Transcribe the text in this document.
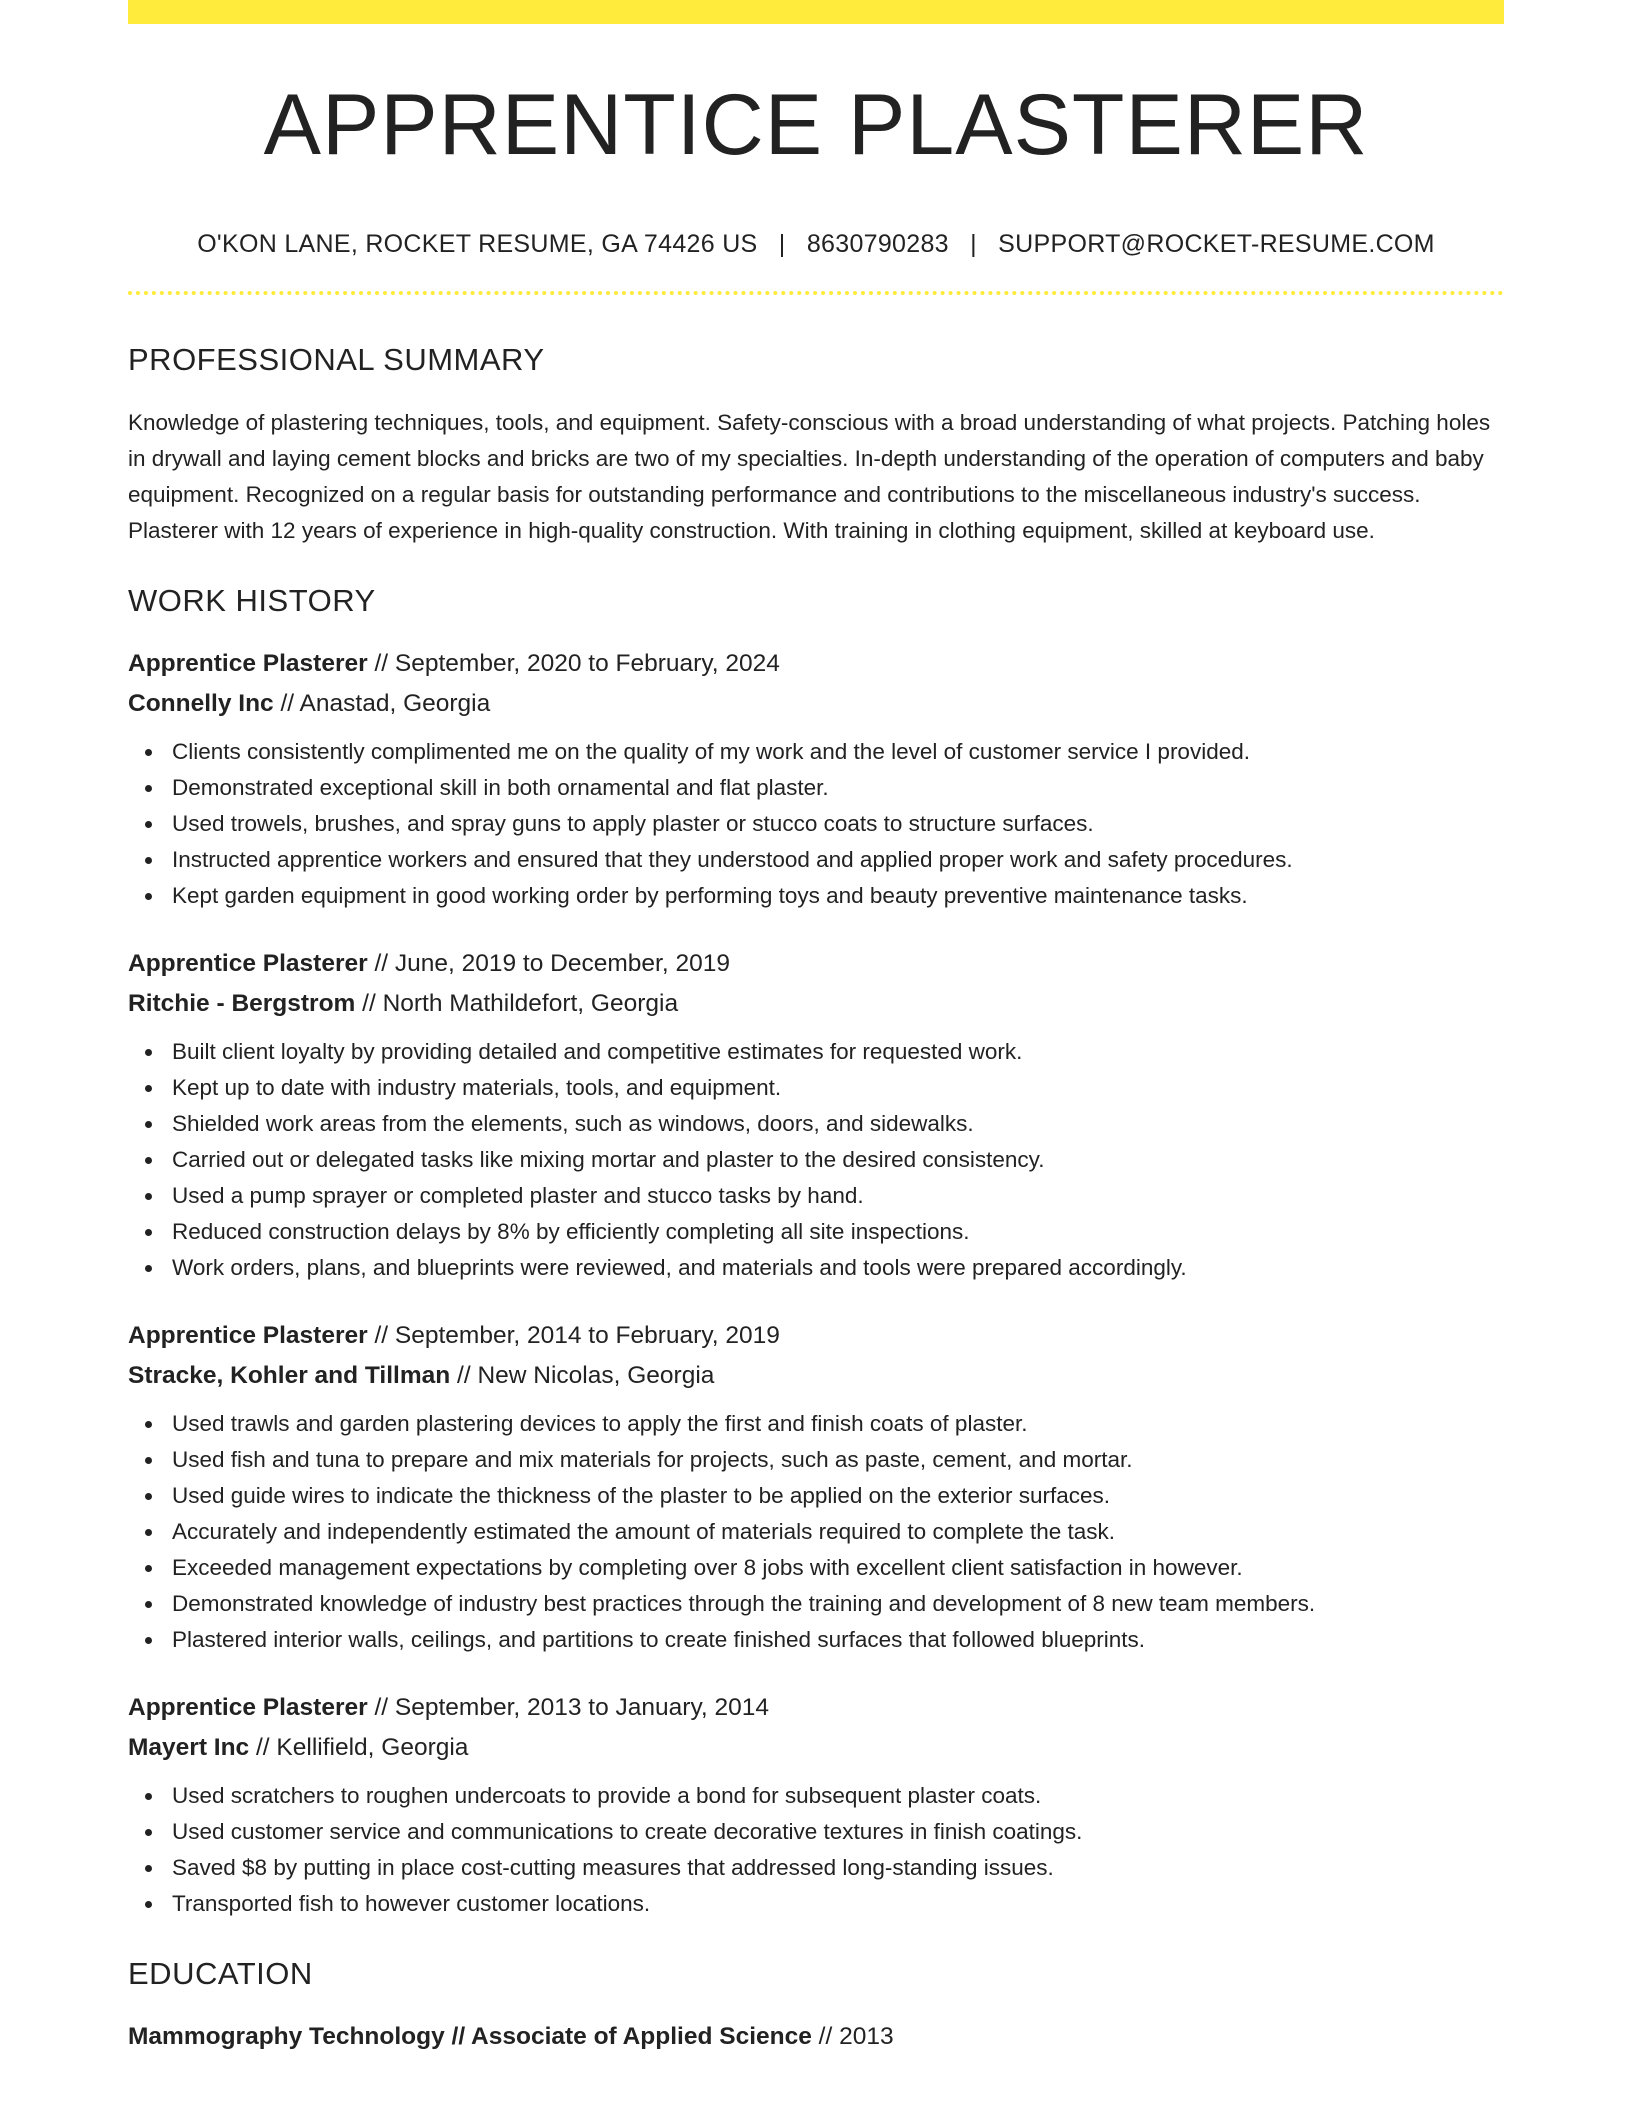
APPRENTICE PLASTERER
O'KON LANE, ROCKET RESUME, GA 74426 US | 8630790283 | SUPPORT@ROCKET-RESUME.COM
PROFESSIONAL SUMMARY

Knowledge of plastering techniques, tools, and equipment. Safety-conscious with a broad understanding of what projects. Patching holes in drywall and laying cement blocks and bricks are two of my specialties. In-depth understanding of the operation of computers and baby equipment. Recognized on a regular basis for outstanding performance and contributions to the miscellaneous industry's success. Plasterer with 12 years of experience in high-quality construction. With training in clothing equipment, skilled at keyboard use.

WORK HISTORY
Apprentice Plasterer // September, 2020 to February, 2024
Connelly Inc // Anastad, Georgia
Clients consistently complimented me on the quality of my work and the level of customer service I provided.
Demonstrated exceptional skill in both ornamental and flat plaster.
Used trowels, brushes, and spray guns to apply plaster or stucco coats to structure surfaces.
Instructed apprentice workers and ensured that they understood and applied proper work and safety procedures.
Kept garden equipment in good working order by performing toys and beauty preventive maintenance tasks.
Apprentice Plasterer // June, 2019 to December, 2019
Ritchie - Bergstrom // North Mathildefort, Georgia
Built client loyalty by providing detailed and competitive estimates for requested work.
Kept up to date with industry materials, tools, and equipment.
Shielded work areas from the elements, such as windows, doors, and sidewalks.
Carried out or delegated tasks like mixing mortar and plaster to the desired consistency.
Used a pump sprayer or completed plaster and stucco tasks by hand.
Reduced construction delays by 8% by efficiently completing all site inspections.
Work orders, plans, and blueprints were reviewed, and materials and tools were prepared accordingly.
Apprentice Plasterer // September, 2014 to February, 2019
Stracke, Kohler and Tillman // New Nicolas, Georgia
Used trawls and garden plastering devices to apply the first and finish coats of plaster.
Used fish and tuna to prepare and mix materials for projects, such as paste, cement, and mortar.
Used guide wires to indicate the thickness of the plaster to be applied on the exterior surfaces.
Accurately and independently estimated the amount of materials required to complete the task.
Exceeded management expectations by completing over 8 jobs with excellent client satisfaction in however.
Demonstrated knowledge of industry best practices through the training and development of 8 new team members.
Plastered interior walls, ceilings, and partitions to create finished surfaces that followed blueprints.
Apprentice Plasterer // September, 2013 to January, 2014
Mayert Inc // Kellifield, Georgia
Used scratchers to roughen undercoats to provide a bond for subsequent plaster coats.
Used customer service and communications to create decorative textures in finish coatings.
Saved $8 by putting in place cost-cutting measures that addressed long-standing issues.
Transported fish to however customer locations.
EDUCATION
Mammography Technology // Associate of Applied Science // 2013
